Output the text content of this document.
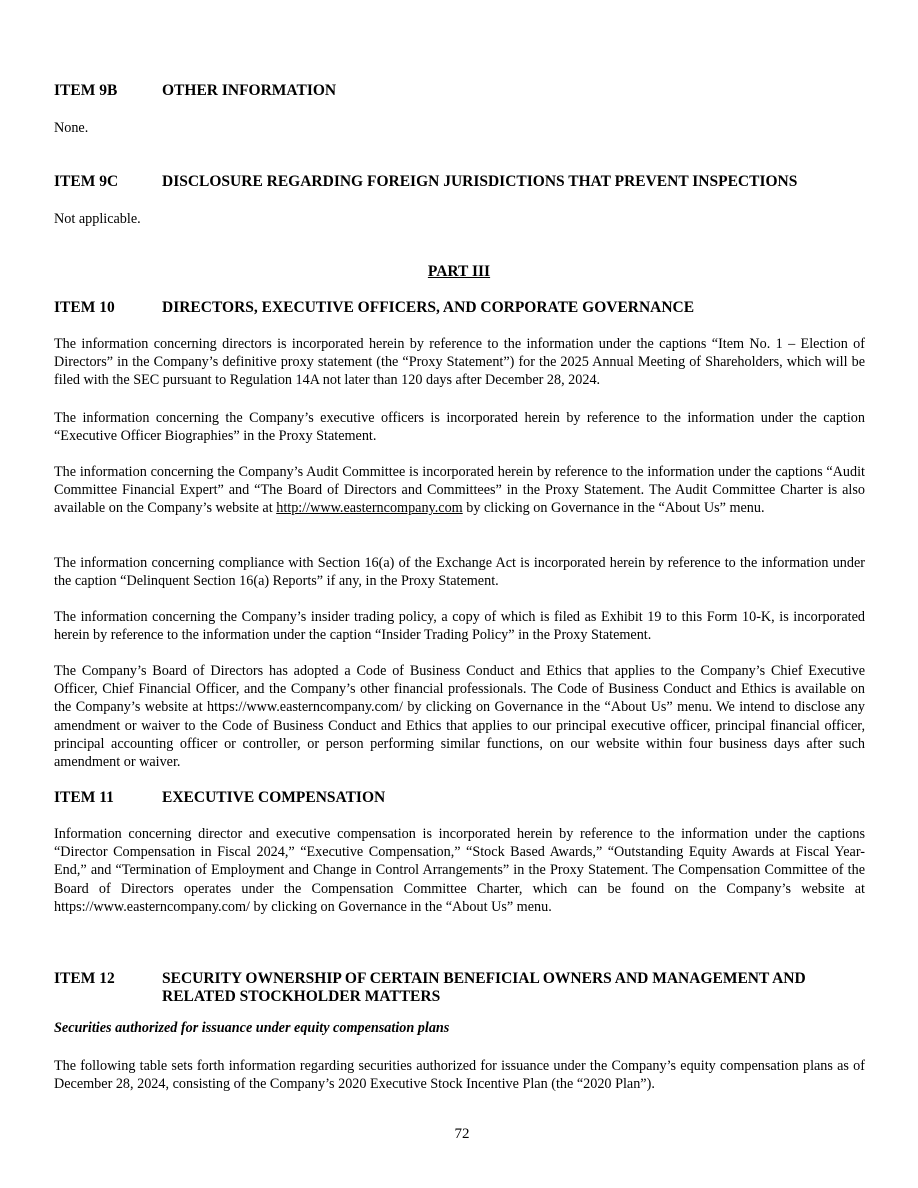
ITEM 9B	OTHER INFORMATION
None.
ITEM 9C	DISCLOSURE REGARDING FOREIGN JURISDICTIONS THAT PREVENT INSPECTIONS
Not applicable.
PART III
ITEM 10	DIRECTORS, EXECUTIVE OFFICERS, AND CORPORATE GOVERNANCE
The information concerning directors is incorporated herein by reference to the information under the captions “Item No. 1 – Election of Directors” in the Company’s definitive proxy statement (the “Proxy Statement”) for the 2025 Annual Meeting of Shareholders, which will be filed with the SEC pursuant to Regulation 14A not later than 120 days after December 28, 2024.
The information concerning the Company’s executive officers is incorporated herein by reference to the information under the caption “Executive Officer Biographies” in the Proxy Statement.
The information concerning the Company’s Audit Committee is incorporated herein by reference to the information under the captions “Audit Committee Financial Expert” and “The Board of Directors and Committees” in the Proxy Statement. The Audit Committee Charter is also available on the Company’s website at http://www.easterncompany.com by clicking on Governance in the “About Us” menu.
The information concerning compliance with Section 16(a) of the Exchange Act is incorporated herein by reference to the information under the caption “Delinquent Section 16(a) Reports” if any, in the Proxy Statement.
The information concerning the Company’s insider trading policy, a copy of which is filed as Exhibit 19 to this Form 10-K, is incorporated herein by reference to the information under the caption “Insider Trading Policy” in the Proxy Statement.
The Company’s Board of Directors has adopted a Code of Business Conduct and Ethics that applies to the Company’s Chief Executive Officer, Chief Financial Officer, and the Company’s other financial professionals. The Code of Business Conduct and Ethics is available on the Company’s website at https://www.easterncompany.com/ by clicking on Governance in the “About Us” menu. We intend to disclose any amendment or waiver to the Code of Business Conduct and Ethics that applies to our principal executive officer, principal financial officer, principal accounting officer or controller, or person performing similar functions, on our website within four business days after such amendment or waiver.
ITEM 11	EXECUTIVE COMPENSATION
Information concerning director and executive compensation is incorporated herein by reference to the information under the captions “Director Compensation in Fiscal 2024,” “Executive Compensation,” “Stock Based Awards,” “Outstanding Equity Awards at Fiscal Year-End,” and “Termination of Employment and Change in Control Arrangements” in the Proxy Statement. The Compensation Committee of the Board of Directors operates under the Compensation Committee Charter, which can be found on the Company’s website at https://www.easterncompany.com/ by clicking on Governance in the “About Us” menu.
ITEM 12	SECURITY OWNERSHIP OF CERTAIN BENEFICIAL OWNERS AND MANAGEMENT AND RELATED STOCKHOLDER MATTERS
Securities authorized for issuance under equity compensation plans
The following table sets forth information regarding securities authorized for issuance under the Company’s equity compensation plans as of December 28, 2024, consisting of the Company’s 2020 Executive Stock Incentive Plan (the “2020 Plan”).
72
